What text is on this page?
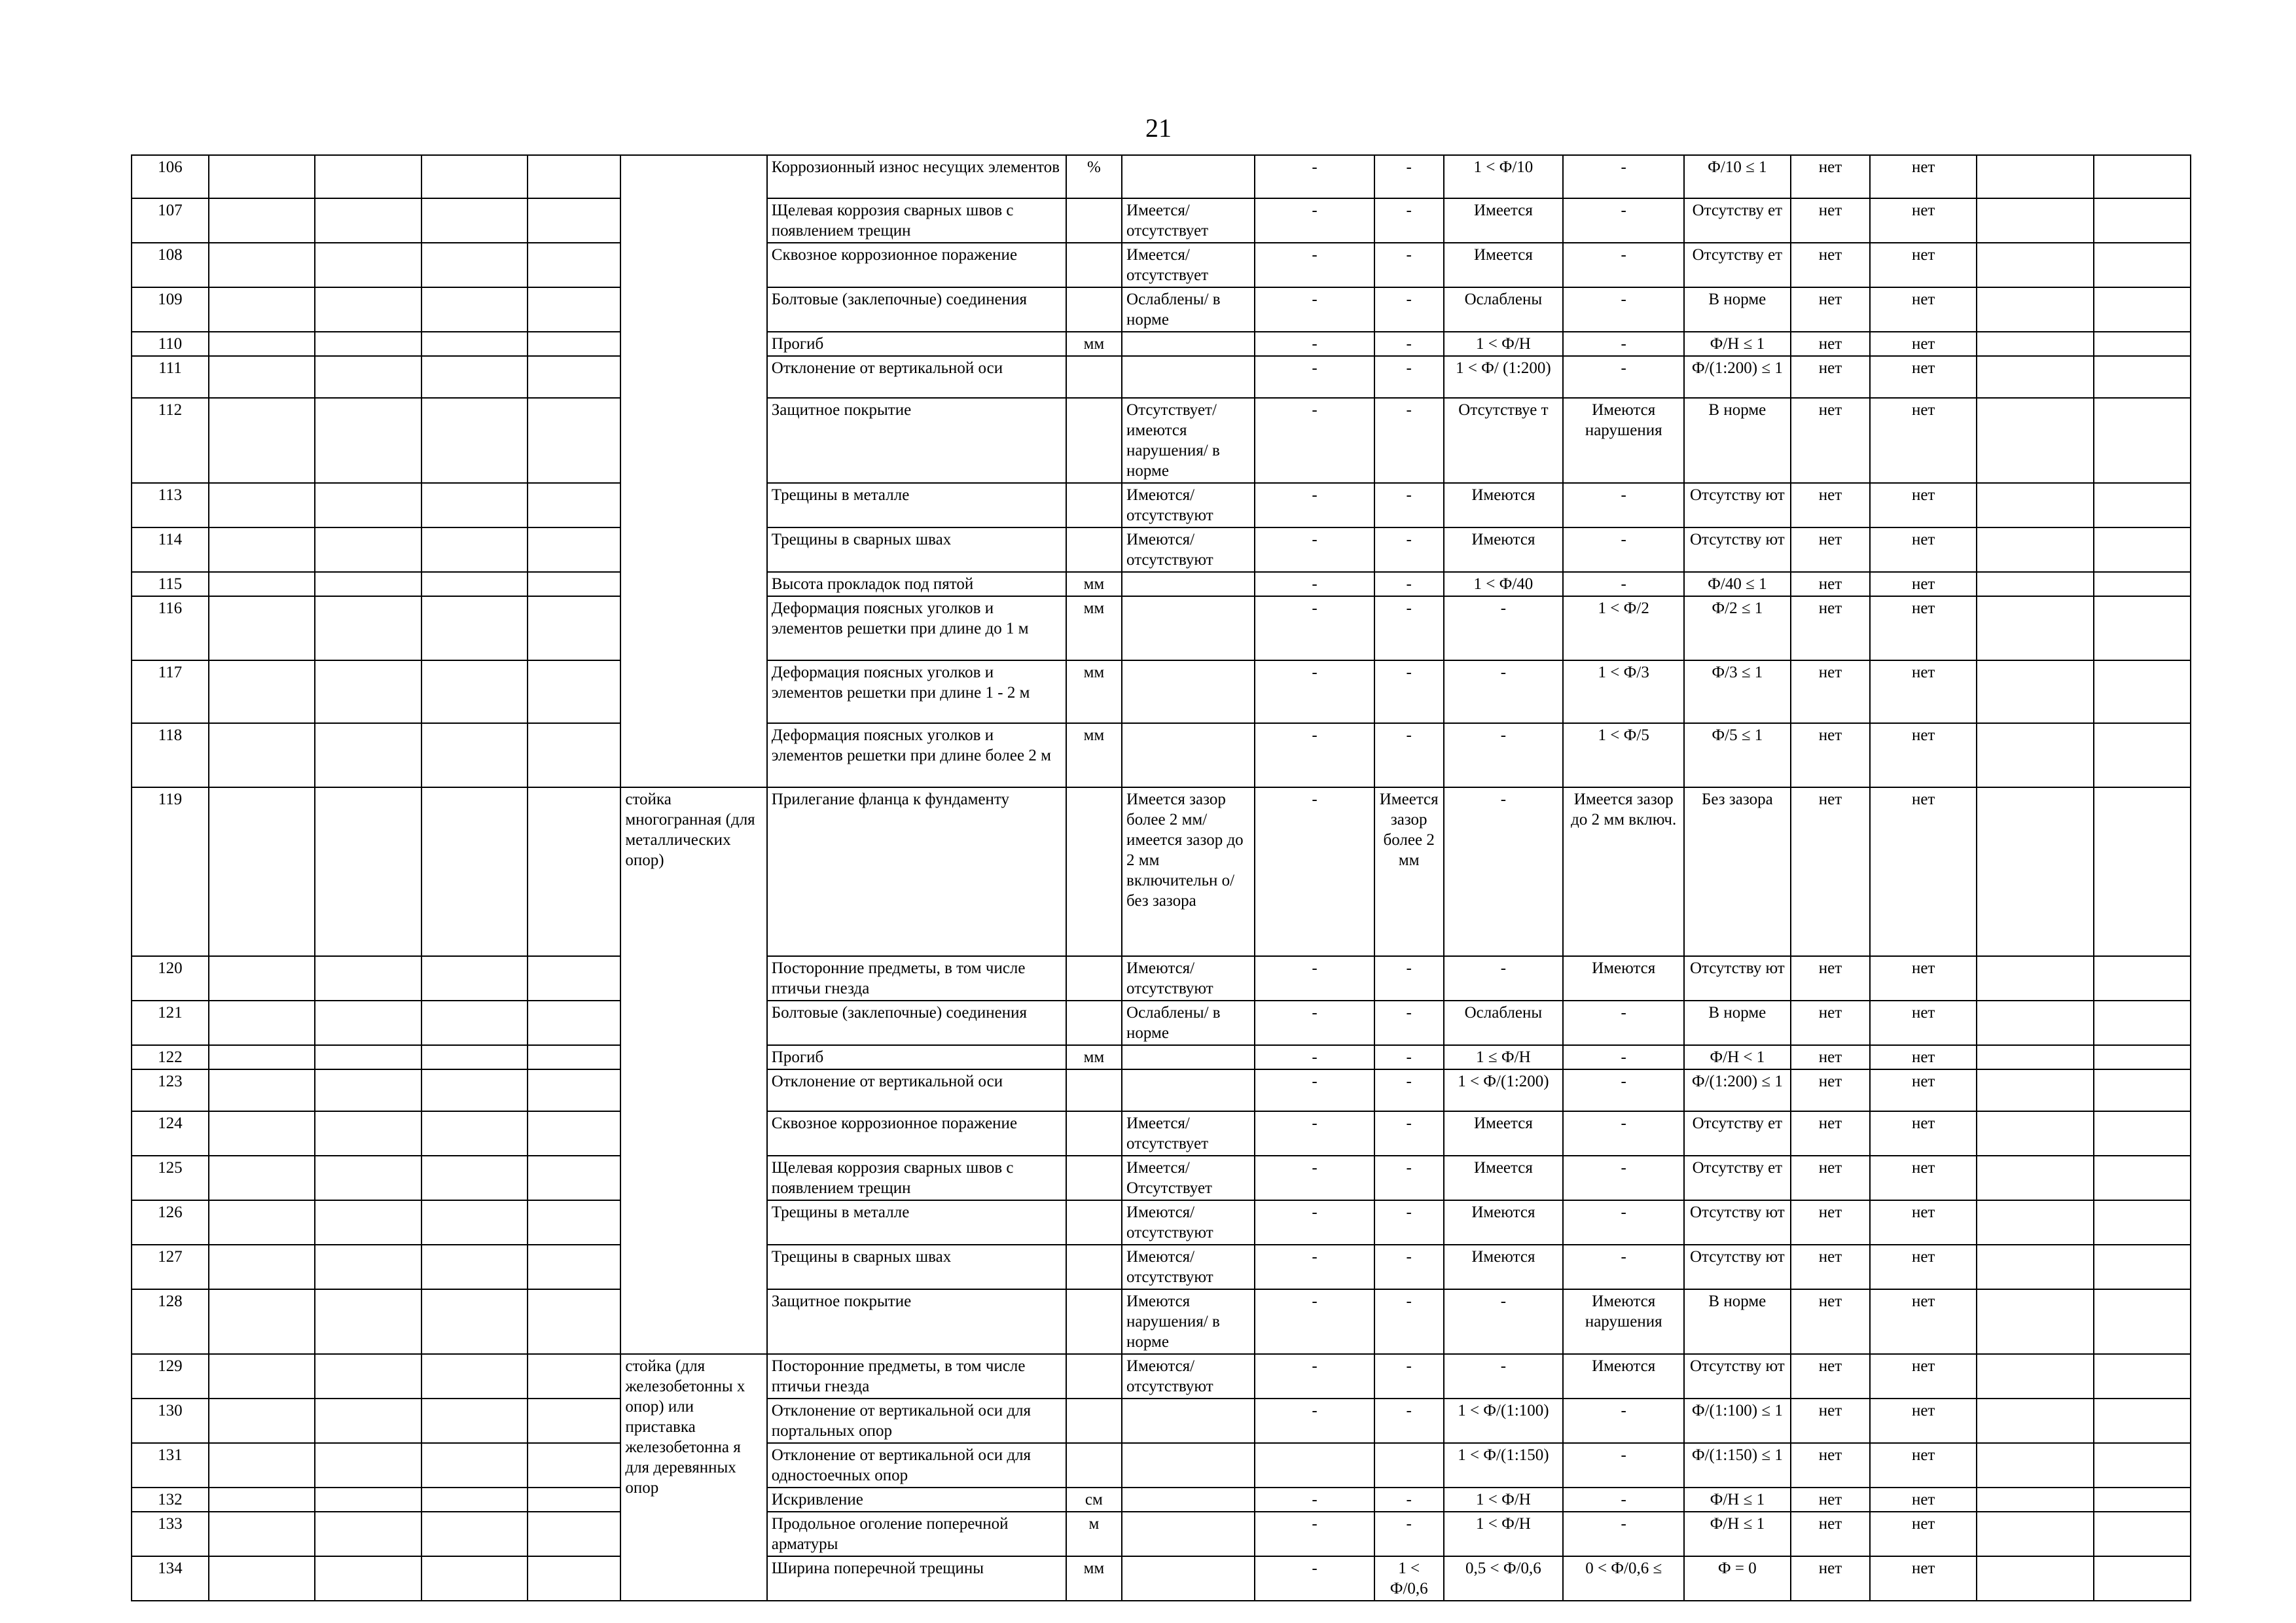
21
106						Коррозионный износ несущих элементов	%		-	-	1 < Ф/10	-	Ф/10 ≤ 1	нет	нет		
107						Щелевая коррозия сварных швов с появлением трещин		Имеется/ отсутствует	-	-	Имеется	-	Отсутству ет	нет	нет		
108						Сквозное коррозионное поражение		Имеется/ отсутствует	-	-	Имеется	-	Отсутству ет	нет	нет		
109						Болтовые (заклепочные) соединения		Ослаблены/ в норме	-	-	Ослаблены	-	В норме	нет	нет		
110						Прогиб	мм		-	-	1 < Ф/Н	-	Ф/Н ≤ 1	нет	нет		
111						Отклонение от вертикальной оси			-	-	1 < Ф/ (1:200)	-	Ф/(1:200) ≤ 1	нет	нет		
112						Защитное покрытие		Отсутствует/ имеются нарушения/ в норме	-	-	Отсутствуе т	Имеются нарушения	В норме	нет	нет		
113						Трещины в металле		Имеются/ отсутствуют	-	-	Имеются	-	Отсутству ют	нет	нет		
114						Трещины в сварных швах		Имеются/ отсутствуют	-	-	Имеются	-	Отсутству ют	нет	нет		
115						Высота прокладок под пятой	мм		-	-	1 < Ф/40	-	Ф/40 ≤ 1	нет	нет		
116						Деформация поясных уголков и элементов решетки при длине до 1 м	мм		-	-	-	1 < Ф/2	Ф/2 ≤ 1	нет	нет		
117						Деформация поясных уголков и элементов решетки при длине 1 - 2 м	мм		-	-	-	1 < Ф/3	Ф/3 ≤ 1	нет	нет		
118						Деформация поясных уголков и элементов решетки при длине более 2 м	мм		-	-	-	1 < Ф/5	Ф/5 ≤ 1	нет	нет		
119					стойка многогранная (для металлических опор)	Прилегание фланца к фундаменту		Имеется зазор более 2 мм/ имеется зазор до 2 мм включительн о/ без зазора	-	Имеется зазор более 2 мм	-	Имеется зазор до 2 мм включ.	Без зазора	нет	нет		
120						Посторонние предметы, в том числе птичьи гнезда		Имеются/ отсутствуют	-	-	-	Имеются	Отсутству ют	нет	нет		
121						Болтовые (заклепочные) соединения		Ослаблены/ в норме	-	-	Ослаблены	-	В норме	нет	нет		
122						Прогиб	мм		-	-	1 ≤ Ф/Н	-	Ф/Н < 1	нет	нет		
123						Отклонение от вертикальной оси			-	-	1 < Ф/(1:200)	-	Ф/(1:200) ≤ 1	нет	нет		
124						Сквозное коррозионное поражение		Имеется/ отсутствует	-	-	Имеется	-	Отсутству ет	нет	нет		
125						Щелевая коррозия сварных швов с появлением трещин		Имеется/ Отсутствует	-	-	Имеется	-	Отсутству ет	нет	нет		
126						Трещины в металле		Имеются/ отсутствуют	-	-	Имеются	-	Отсутству ют	нет	нет		
127						Трещины в сварных швах		Имеются/ отсутствуют	-	-	Имеются	-	Отсутству ют	нет	нет		
128						Защитное покрытие		Имеются нарушения/ в норме	-	-	-	Имеются нарушения	В норме	нет	нет		
129					стойка (для железобетонны х опор) или приставка железобетонна я для деревянных опор	Посторонние предметы, в том числе птичьи гнезда		Имеются/ отсутствуют	-	-	-	Имеются	Отсутству ют	нет	нет		
130						Отклонение от вертикальной оси для портальных опор			-	-	1 < Ф/(1:100)	-	Ф/(1:100) ≤ 1	нет	нет		
131						Отклонение от вертикальной оси для одностоечных опор					1 < Ф/(1:150)	-	Ф/(1:150) ≤ 1	нет	нет		
132						Искривление	см		-	-	1 < Ф/Н	-	Ф/Н ≤ 1	нет	нет		
133						Продольное оголение поперечной арматуры	м		-	-	1 < Ф/Н	-	Ф/Н ≤ 1	нет	нет		
134						Ширина поперечной трещины	мм		-	1 < Ф/0,6	0,5 < Ф/0,6	0 < Ф/0,6 ≤	Ф = 0	нет	нет		
